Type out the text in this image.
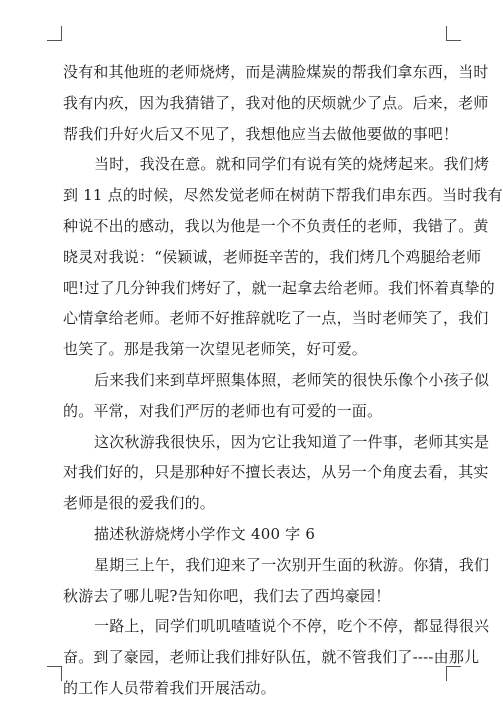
没有和其他班的老师烧烤，而是满脸煤炭的帮我们拿东西，当时
我有内疚，因为我猜错了，我对他的厌烦就少了点。后来，老师
帮我们升好火后又不见了，我想他应当去做他要做的事吧！
当时，我没在意。就和同学们有说有笑的烧烤起来。我们烤
到 11 点的时候，尽然发觉老师在树荫下帮我们串东西。当时我有
种说不出的感动，我以为他是一个不负责任的老师，我错了。黄
晓灵对我说：“侯颖诚，老师挺辛苦的，我们烤几个鸡腿给老师
吧!过了几分钟我们烤好了，就一起拿去给老师。我们怀着真挚的
心情拿给老师。老师不好推辞就吃了一点，当时老师笑了，我们
也笑了。那是我第一次望见老师笑，好可爱。
后来我们来到草坪照集体照，老师笑的很快乐像个小孩子似
的。平常，对我们严厉的老师也有可爱的一面。
这次秋游我很快乐，因为它让我知道了一件事，老师其实是
对我们好的，只是那种好不擅长表达，从另一个角度去看，其实
老师是很的爱我们的。
描述秋游烧烤小学作文 400 字 6
星期三上午，我们迎来了一次别开生面的秋游。你猜，我们
秋游去了哪儿呢?告知你吧，我们去了西坞豪园！
一路上，同学们叽叽喳喳说个不停，吃个不停，都显得很兴
奋。到了豪园，老师让我们排好队伍，就不管我们了----由那儿
的工作人员带着我们开展活动。
